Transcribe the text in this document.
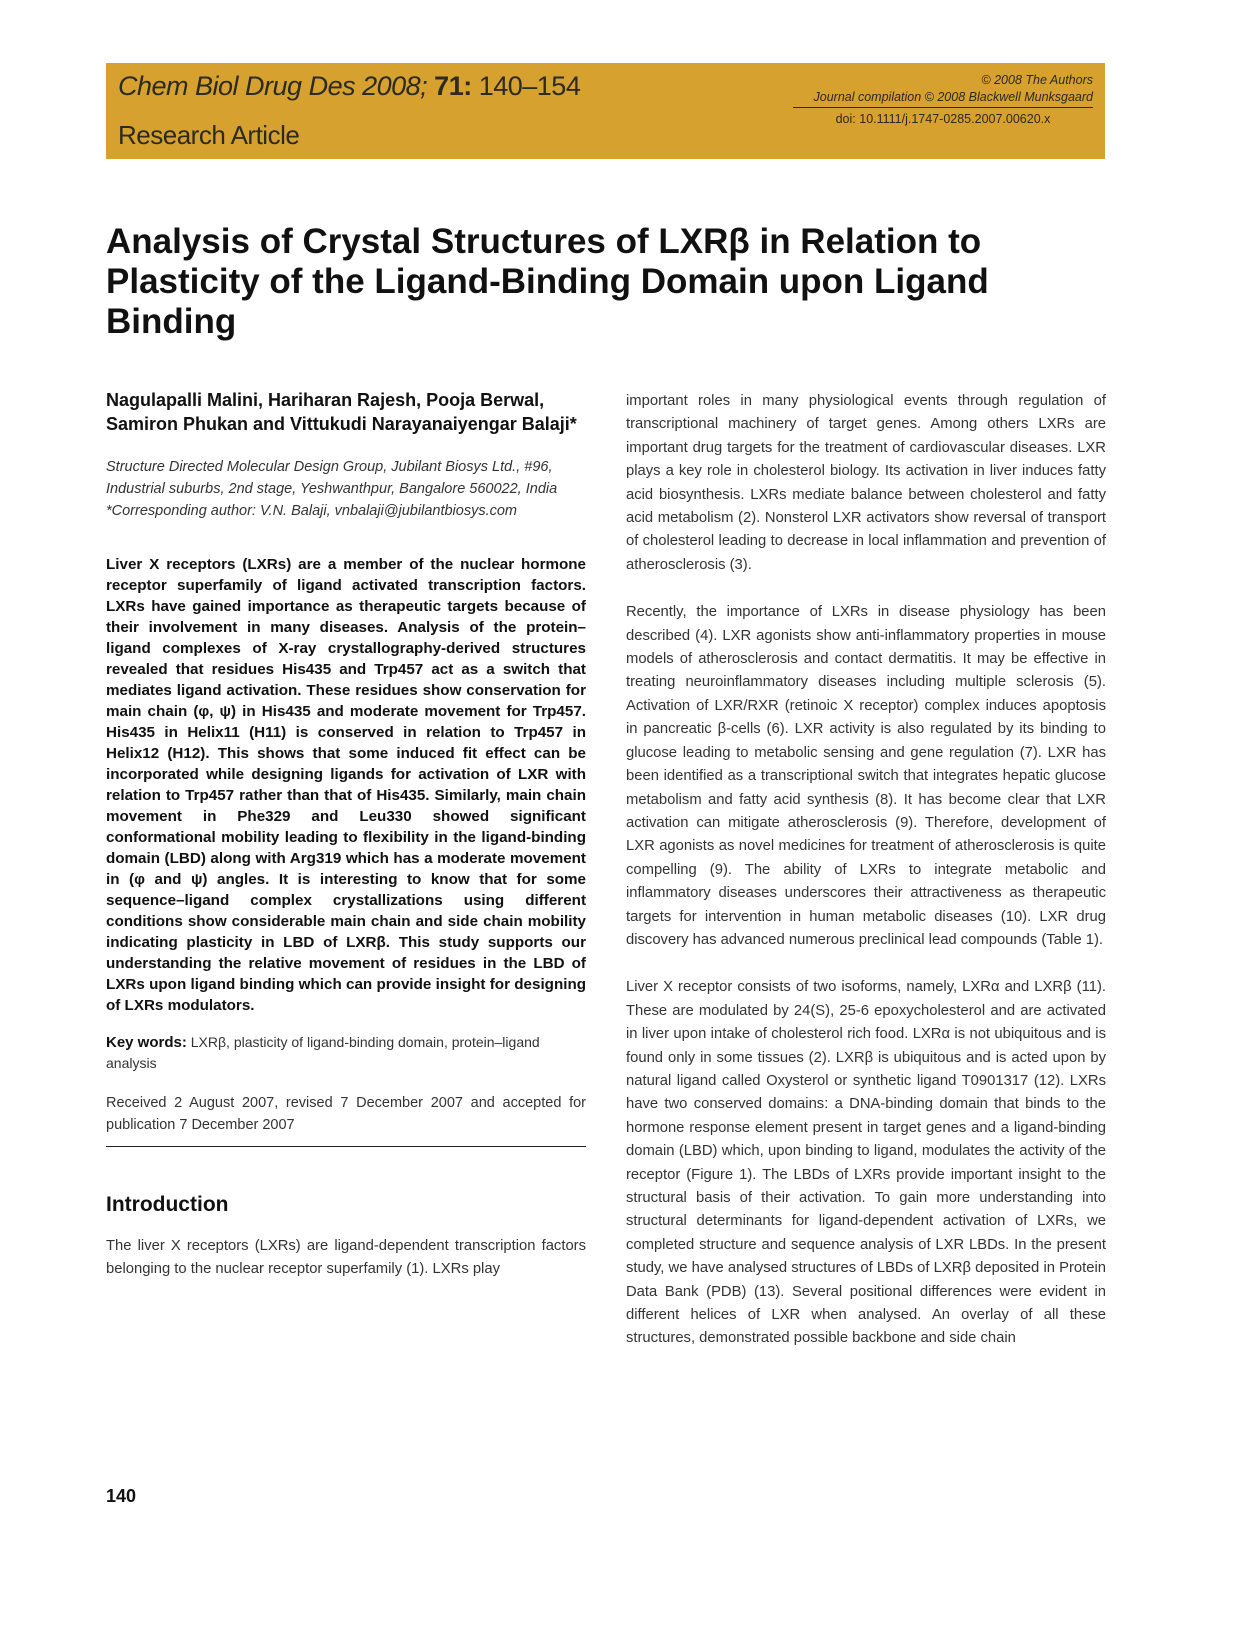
Chem Biol Drug Des 2008; 71: 140–154
Research Article
© 2008 The Authors
Journal compilation © 2008 Blackwell Munksgaard
doi: 10.1111/j.1747-0285.2007.00620.x
Analysis of Crystal Structures of LXRβ in Relation to Plasticity of the Ligand-Binding Domain upon Ligand Binding

Nagulapalli Malini, Hariharan Rajesh, Pooja Berwal, Samiron Phukan and Vittukudi Narayanaiyengar Balaji*

Structure Directed Molecular Design Group, Jubilant Biosys Ltd., #96, Industrial suburbs, 2nd stage, Yeshwanthpur, Bangalore 560022, India
*Corresponding author: V.N. Balaji, vnbalaji@jubilantbiosys.com

Liver X receptors (LXRs) are a member of the nuclear hormone receptor superfamily of ligand activated transcription factors. LXRs have gained importance as therapeutic targets because of their involvement in many diseases. Analysis of the protein–ligand complexes of X-ray crystallography-derived structures revealed that residues His435 and Trp457 act as a switch that mediates ligand activation. These residues show conservation for main chain (φ, ψ) in His435 and moderate movement for Trp457. His435 in Helix11 (H11) is conserved in relation to Trp457 in Helix12 (H12). This shows that some induced fit effect can be incorporated while designing ligands for activation of LXR with relation to Trp457 rather than that of His435. Similarly, main chain movement in Phe329 and Leu330 showed significant conformational mobility leading to flexibility in the ligand-binding domain (LBD) along with Arg319 which has a moderate movement in (φ and ψ) angles. It is interesting to know that for some sequence–ligand complex crystallizations using different conditions show considerable main chain and side chain mobility indicating plasticity in LBD of LXRβ. This study supports our understanding the relative movement of residues in the LBD of LXRs upon ligand binding which can provide insight for designing of LXRs modulators.

Key words: LXRβ, plasticity of ligand-binding domain, protein–ligand analysis

Received 2 August 2007, revised 7 December 2007 and accepted for publication 7 December 2007

Introduction

The liver X receptors (LXRs) are ligand-dependent transcription factors belonging to the nuclear receptor superfamily (1). LXRs play

important roles in many physiological events through regulation of transcriptional machinery of target genes. Among others LXRs are important drug targets for the treatment of cardiovascular diseases. LXR plays a key role in cholesterol biology. Its activation in liver induces fatty acid biosynthesis. LXRs mediate balance between cholesterol and fatty acid metabolism (2). Nonsterol LXR activators show reversal of transport of cholesterol leading to decrease in local inflammation and prevention of atherosclerosis (3).

Recently, the importance of LXRs in disease physiology has been described (4). LXR agonists show anti-inflammatory properties in mouse models of atherosclerosis and contact dermatitis. It may be effective in treating neuroinflammatory diseases including multiple sclerosis (5). Activation of LXR/RXR (retinoic X receptor) complex induces apoptosis in pancreatic β-cells (6). LXR activity is also regulated by its binding to glucose leading to metabolic sensing and gene regulation (7). LXR has been identified as a transcriptional switch that integrates hepatic glucose metabolism and fatty acid synthesis (8). It has become clear that LXR activation can mitigate atherosclerosis (9). Therefore, development of LXR agonists as novel medicines for treatment of atherosclerosis is quite compelling (9). The ability of LXRs to integrate metabolic and inflammatory diseases underscores their attractiveness as therapeutic targets for intervention in human metabolic diseases (10). LXR drug discovery has advanced numerous preclinical lead compounds (Table 1).

Liver X receptor consists of two isoforms, namely, LXRα and LXRβ (11). These are modulated by 24(S), 25-6 epoxycholesterol and are activated in liver upon intake of cholesterol rich food. LXRα is not ubiquitous and is found only in some tissues (2). LXRβ is ubiquitous and is acted upon by natural ligand called Oxysterol or synthetic ligand T0901317 (12). LXRs have two conserved domains: a DNA-binding domain that binds to the hormone response element present in target genes and a ligand-binding domain (LBD) which, upon binding to ligand, modulates the activity of the receptor (Figure 1). The LBDs of LXRs provide important insight to the structural basis of their activation. To gain more understanding into structural determinants for ligand-dependent activation of LXRs, we completed structure and sequence analysis of LXR LBDs. In the present study, we have analysed structures of LBDs of LXRβ deposited in Protein Data Bank (PDB) (13). Several positional differences were evident in different helices of LXR when analysed. An overlay of all these structures, demonstrated possible backbone and side chain

140
